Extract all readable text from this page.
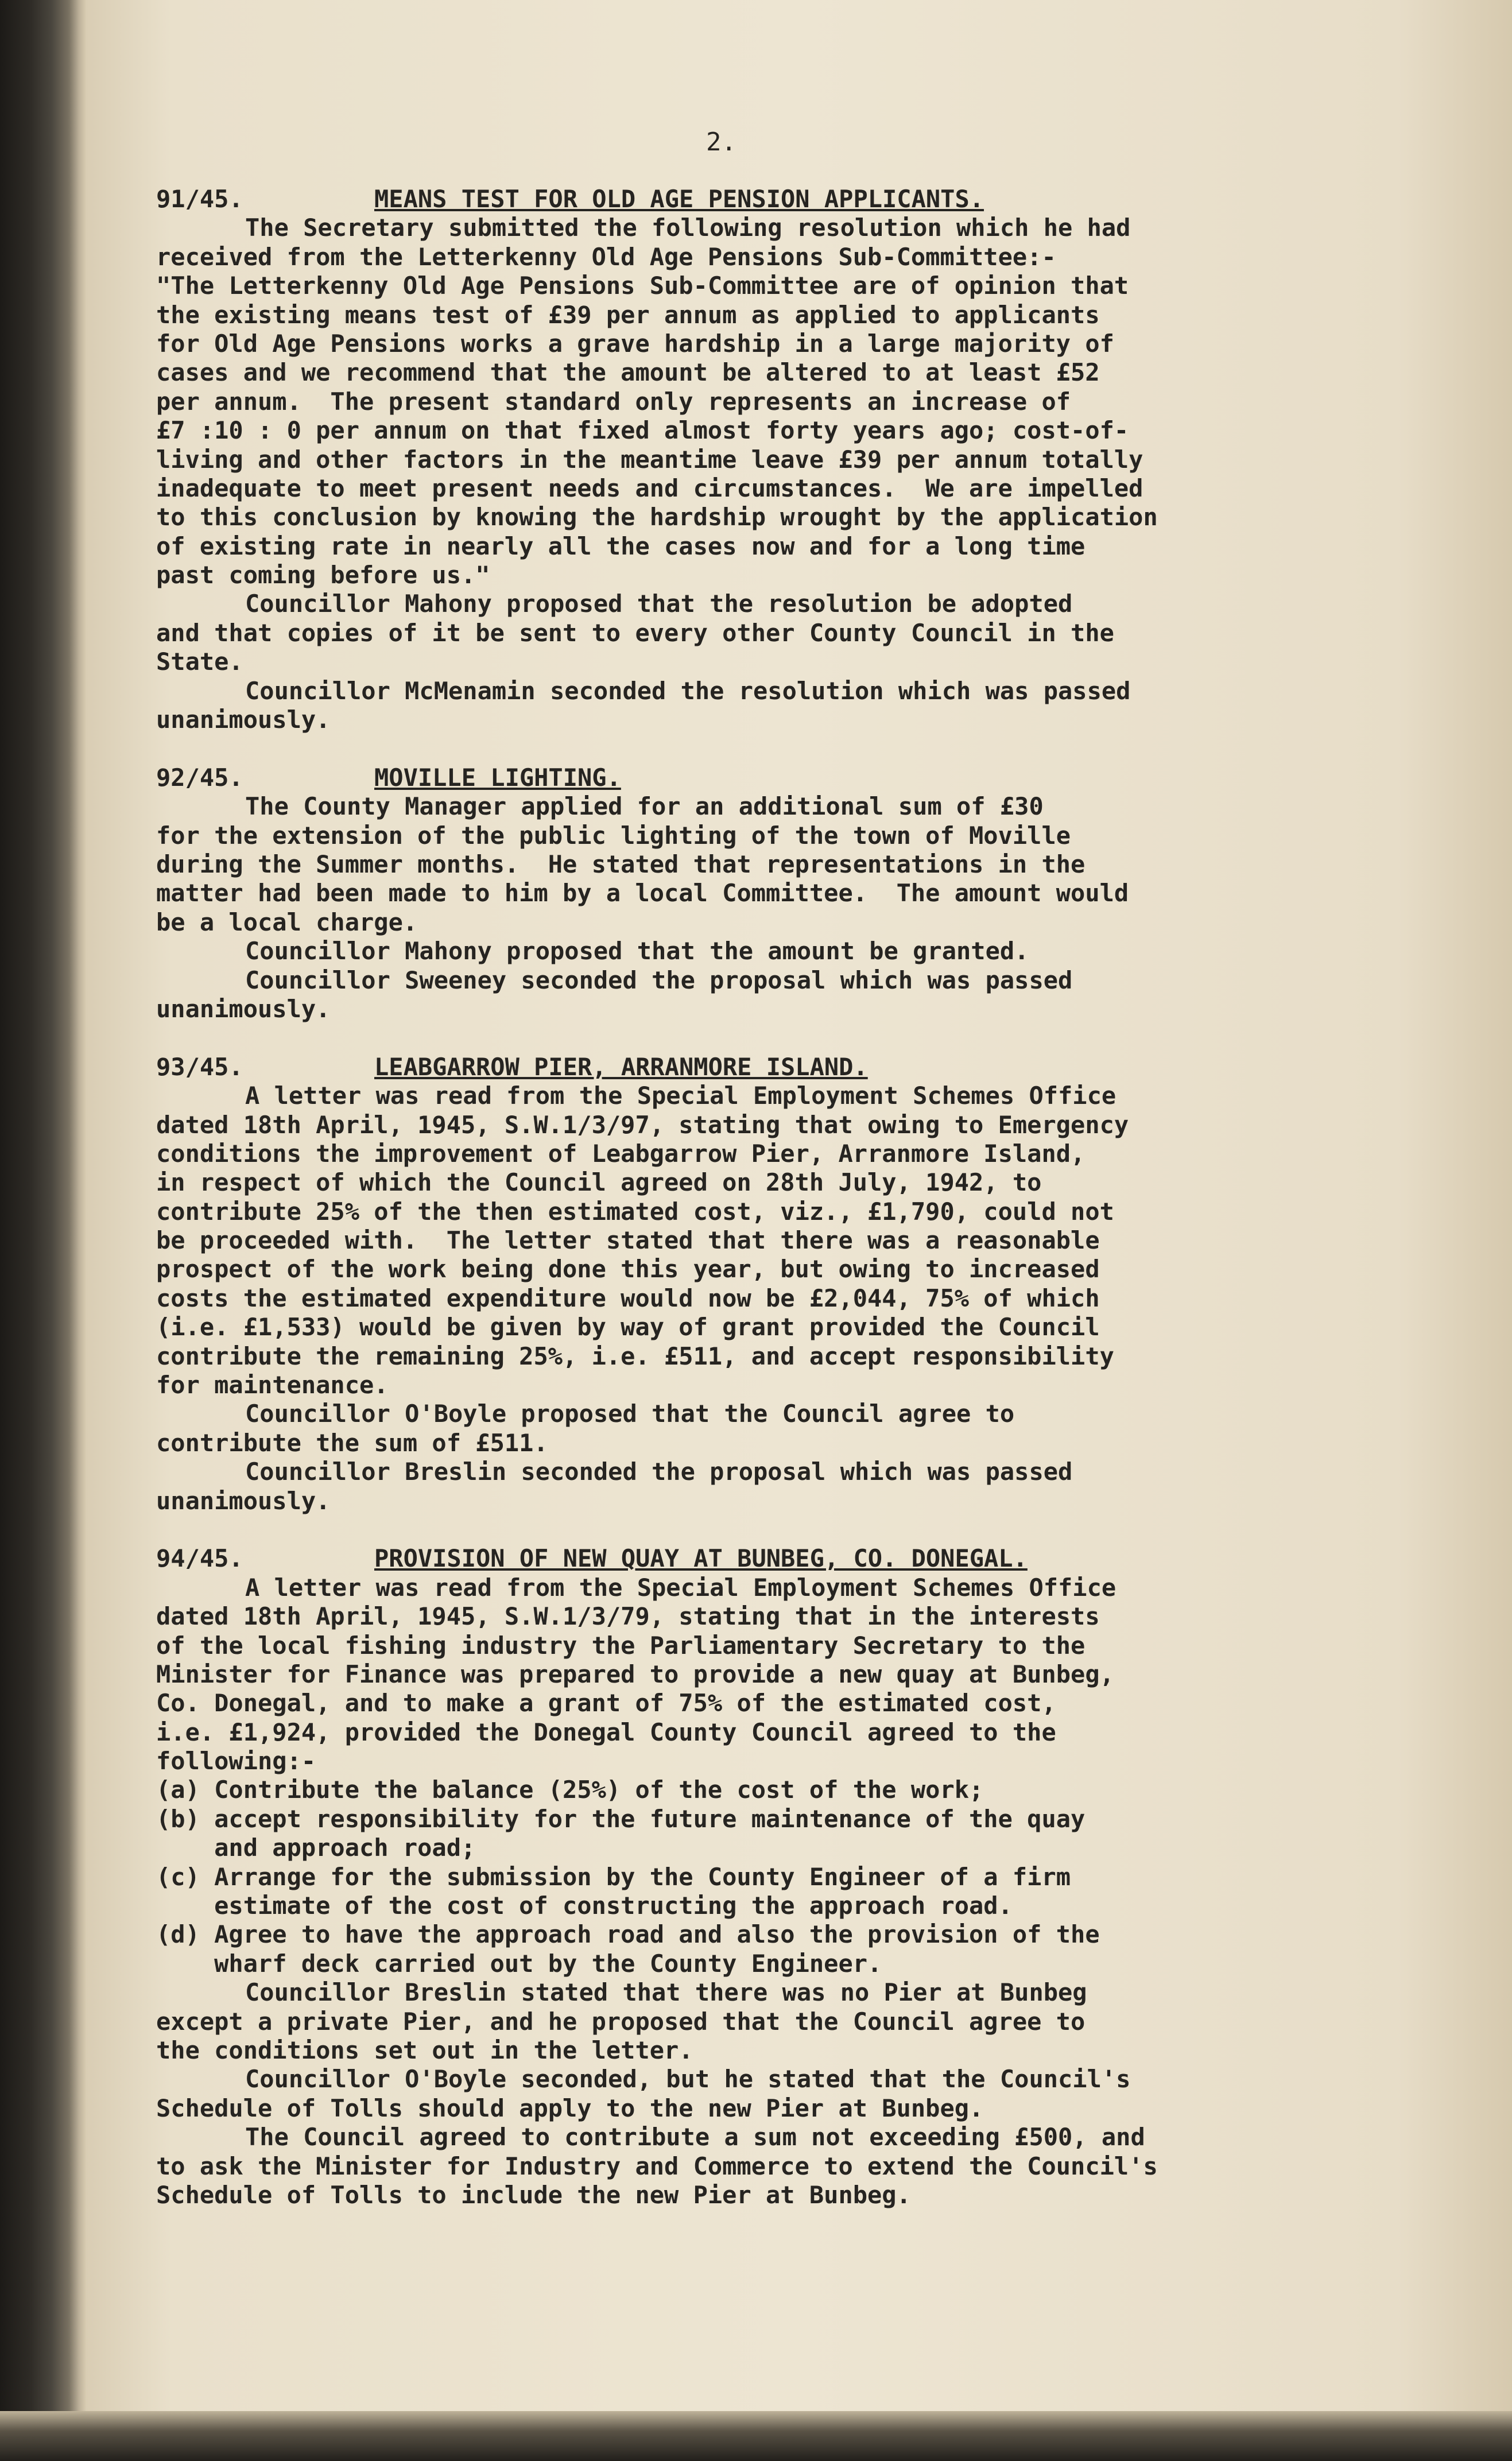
2.
91/45.	MEANS TEST FOR OLD AGE PENSION APPLICANTS.
The Secretary submitted the following resolution which he had
received from the Letterkenny Old Age Pensions Sub-Committee:-
"The Letterkenny Old Age Pensions Sub-Committee are of opinion that
the existing means test of £39 per annum as applied to applicants
for Old Age Pensions works a grave hardship in a large majority of
cases and we recommend that the amount be altered to at least £52
per annum.  The present standard only represents an increase of
£7 :10 : 0 per annum on that fixed almost forty years ago; cost-of-
living and other factors in the meantime leave £39 per annum totally
inadequate to meet present needs and circumstances.  We are impelled
to this conclusion by knowing the hardship wrought by the application
of existing rate in nearly all the cases now and for a long time
past coming before us."
Councillor Mahony proposed that the resolution be adopted
and that copies of it be sent to every other County Council in the
State.
Councillor McMenamin seconded the resolution which was passed
unanimously.
92/45.	MOVILLE LIGHTING.
The County Manager applied for an additional sum of £30
for the extension of the public lighting of the town of Moville
during the Summer months.  He stated that representations in the
matter had been made to him by a local Committee.  The amount would
be a local charge.
Councillor Mahony proposed that the amount be granted.
Councillor Sweeney seconded the proposal which was passed
unanimously.
93/45.	LEABGARROW PIER, ARRANMORE ISLAND.
A letter was read from the Special Employment Schemes Office
dated 18th April, 1945, S.W.1/3/97, stating that owing to Emergency
conditions the improvement of Leabgarrow Pier, Arranmore Island,
in respect of which the Council agreed on 28th July, 1942, to
contribute 25% of the then estimated cost, viz., £1,790, could not
be proceeded with.  The letter stated that there was a reasonable
prospect of the work being done this year, but owing to increased
costs the estimated expenditure would now be £2,044, 75% of which
(i.e. £1,533) would be given by way of grant provided the Council
contribute the remaining 25%, i.e. £511, and accept responsibility
for maintenance.
Councillor O'Boyle proposed that the Council agree to
contribute the sum of £511.
Councillor Breslin seconded the proposal which was passed
unanimously.
94/45.	PROVISION OF NEW QUAY AT BUNBEG, CO. DONEGAL.
A letter was read from the Special Employment Schemes Office
dated 18th April, 1945, S.W.1/3/79, stating that in the interests
of the local fishing industry the Parliamentary Secretary to the
Minister for Finance was prepared to provide a new quay at Bunbeg,
Co. Donegal, and to make a grant of 75% of the estimated cost,
i.e. £1,924, provided the Donegal County Council agreed to the
following:-
(a) Contribute the balance (25%) of the cost of the work;
(b) accept responsibility for the future maintenance of the quay
and approach road;
(c) Arrange for the submission by the County Engineer of a firm
estimate of the cost of constructing the approach road.
(d) Agree to have the approach road and also the provision of the
wharf deck carried out by the County Engineer.
Councillor Breslin stated that there was no Pier at Bunbeg
except a private Pier, and he proposed that the Council agree to
the conditions set out in the letter.
Councillor O'Boyle seconded, but he stated that the Council's
Schedule of Tolls should apply to the new Pier at Bunbeg.
The Council agreed to contribute a sum not exceeding £500, and
to ask the Minister for Industry and Commerce to extend the Council's
Schedule of Tolls to include the new Pier at Bunbeg.
